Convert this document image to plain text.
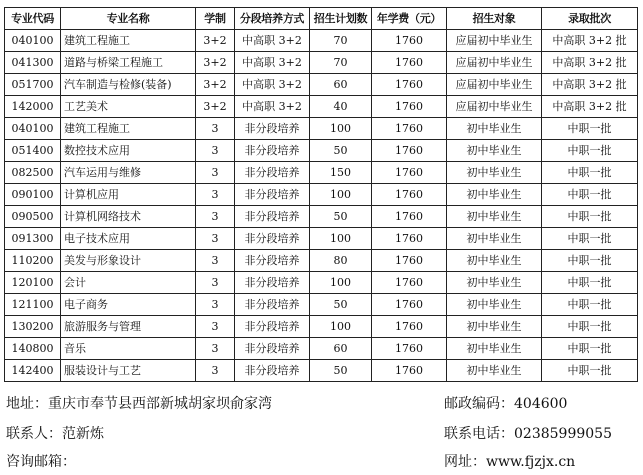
专业代码	专业名称	学制	分段培养方式	招生计划数	年学费（元）	招生对象	录取批次
040100	建筑工程施工	3+2	中高职 3+2	70	1760	应届初中毕业生	中高职 3+2 批
041300	道路与桥梁工程施工	3+2	中高职 3+2	70	1760	应届初中毕业生	中高职 3+2 批
051700	汽车制造与检修(装备)	3+2	中高职 3+2	60	1760	应届初中毕业生	中高职 3+2 批
142000	工艺美术	3+2	中高职 3+2	40	1760	应届初中毕业生	中高职 3+2 批
040100	建筑工程施工	3	非分段培养	100	1760	初中毕业生	中职一批
051400	数控技术应用	3	非分段培养	50	1760	初中毕业生	中职一批
082500	汽车运用与维修	3	非分段培养	150	1760	初中毕业生	中职一批
090100	计算机应用	3	非分段培养	100	1760	初中毕业生	中职一批
090500	计算机网络技术	3	非分段培养	50	1760	初中毕业生	中职一批
091300	电子技术应用	3	非分段培养	100	1760	初中毕业生	中职一批
110200	美发与形象设计	3	非分段培养	80	1760	初中毕业生	中职一批
120100	会计	3	非分段培养	100	1760	初中毕业生	中职一批
121100	电子商务	3	非分段培养	50	1760	初中毕业生	中职一批
130200	旅游服务与管理	3	非分段培养	100	1760	初中毕业生	中职一批
140800	音乐	3	非分段培养	60	1760	初中毕业生	中职一批
142400	服装设计与工艺	3	非分段培养	50	1760	初中毕业生	中职一批
地址：重庆市奉节县西部新城胡家坝俞家湾	邮政编码：404600
联系人：范新炼	联系电话：02385999055
咨询邮箱：	网址：www.fjzjx.cn
